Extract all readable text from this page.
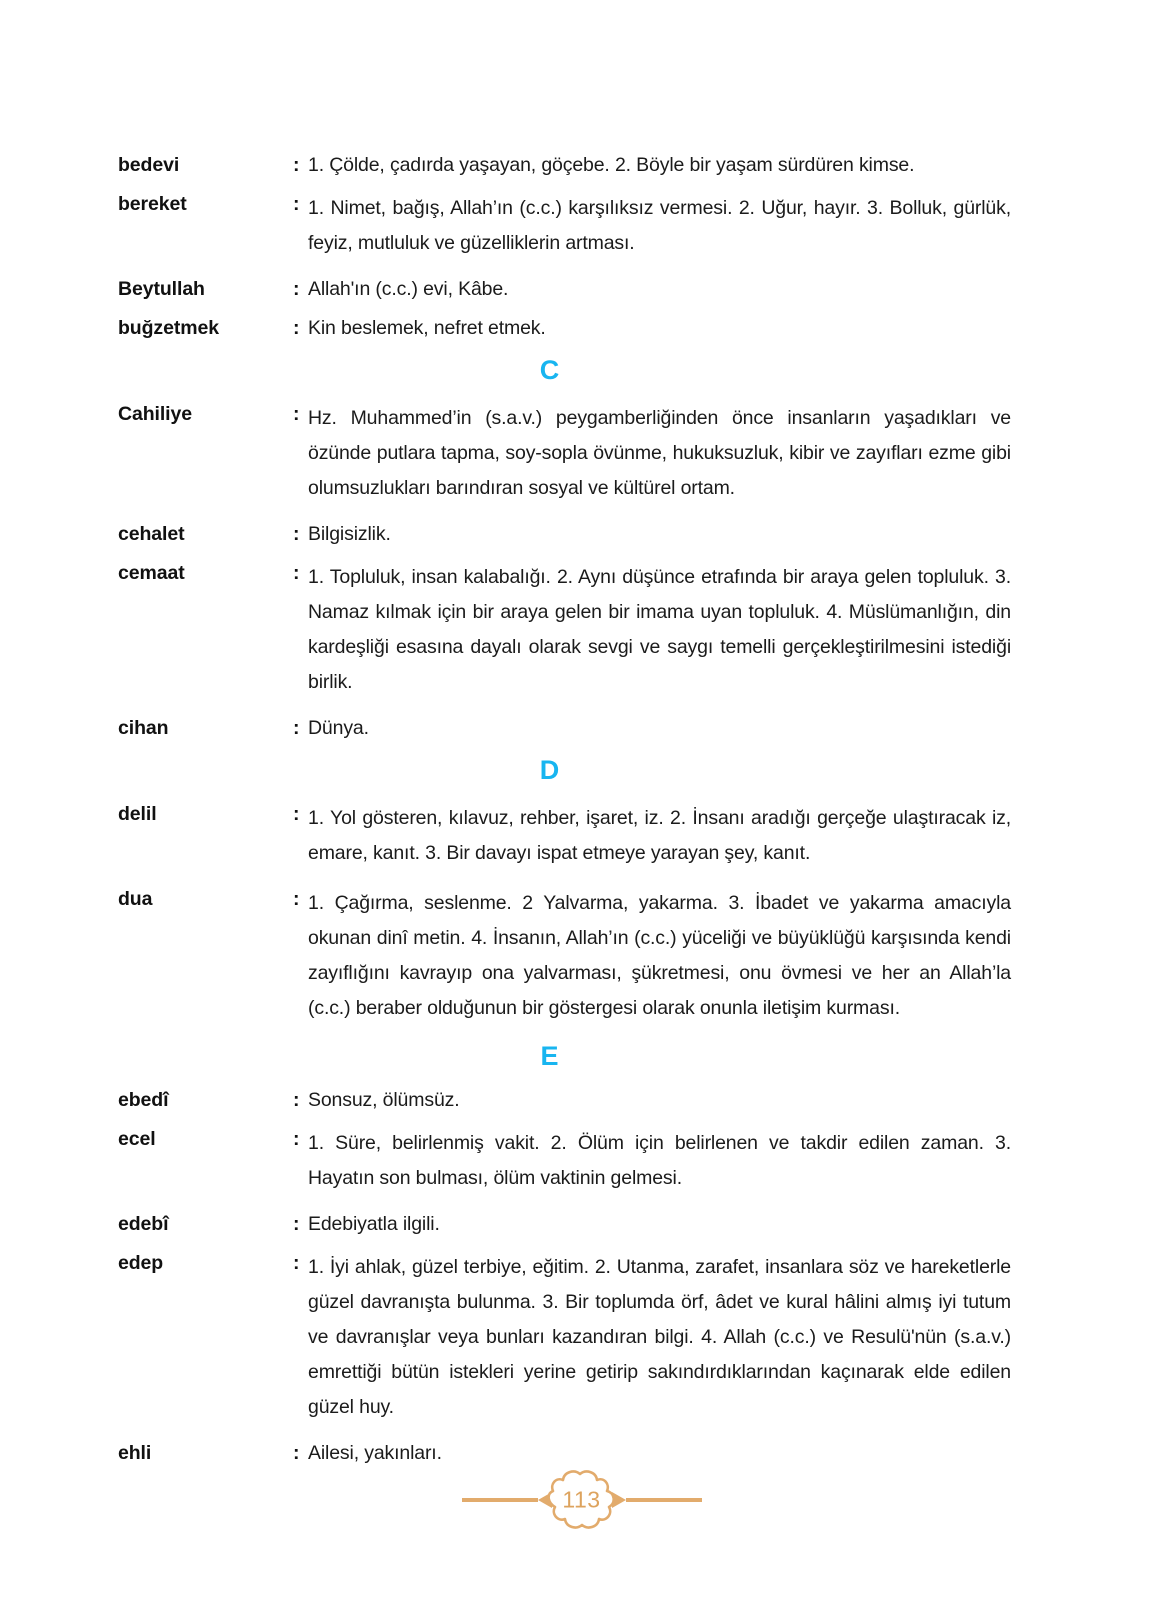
bedevi	: 1. Çölde, çadırda yaşayan, göçebe. 2. Böyle bir yaşam sürdüren kimse.
bereket	: 1. Nimet, bağış, Allah’ın (c.c.) karşılıksız vermesi. 2. Uğur, hayır. 3. Bolluk, gürlük, feyiz, mutluluk ve güzelliklerin artması.
Beytullah	: Allah'ın (c.c.) evi, Kâbe.
buğzetmek	: Kin beslemek, nefret etmek.
C
Cahiliye	: Hz. Muhammed’in (s.a.v.) peygamberliğinden önce insanların yaşadıkları ve özünde putlara tapma, soy-sopla övünme, hukuksuzluk, kibir ve zayıfları ezme gibi olumsuzlukları barındıran sosyal ve kültürel ortam.
cehalet	: Bilgisizlik.
cemaat	: 1. Topluluk, insan kalabalığı. 2. Aynı düşünce etrafında bir araya gelen topluluk. 3. Namaz kılmak için bir araya gelen bir imama uyan topluluk. 4. Müslümanlığın, din kardeşliği esasına dayalı olarak sevgi ve saygı temelli gerçekleştirilmesini istediği birlik.
cihan	: Dünya.
D
delil	: 1. Yol gösteren, kılavuz, rehber, işaret, iz. 2. İnsanı aradığı gerçeğe ulaştıracak iz, emare, kanıt. 3. Bir davayı ispat etmeye yarayan şey, kanıt.
dua	: 1. Çağırma, seslenme. 2 Yalvarma, yakarma. 3. İbadet ve yakarma amacıyla okunan dinî metin. 4. İnsanın, Allah’ın (c.c.) yüceliği ve büyüklüğü karşısında kendi zayıflığını kavrayıp ona yalvarması, şükretmesi, onu övmesi ve her an Allah’la (c.c.) beraber olduğunun bir göstergesi olarak onunla iletişim kurması.
E
ebedî	: Sonsuz, ölümsüz.
ecel	: 1. Süre, belirlenmiş vakit. 2. Ölüm için belirlenen ve takdir edilen zaman. 3. Hayatın son bulması, ölüm vaktinin gelmesi.
edebî	: Edebiyatla ilgili.
edep	: 1. İyi ahlak, güzel terbiye, eğitim. 2. Utanma, zarafet, insanlara söz ve hareketlerle güzel davranışta bulunma. 3. Bir toplumda örf, âdet ve kural hâlini almış iyi tutum ve davranışlar veya bunları kazandıran bilgi. 4. Allah (c.c.) ve Resulü'nün (s.a.v.) emrettiği bütün istekleri yerine getirip sakındırdıklarından kaçınarak elde edilen güzel huy.
ehli	: Ailesi, yakınları.
113
